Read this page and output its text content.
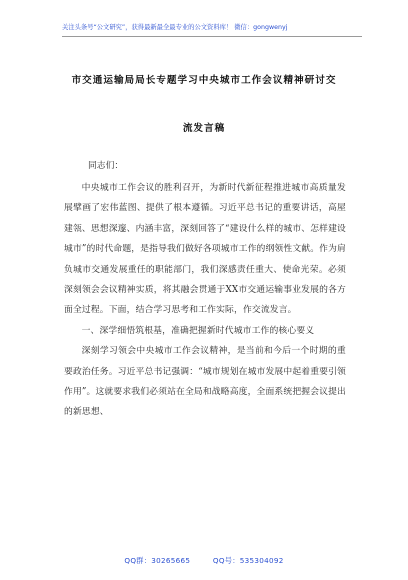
关注头条号“公文研究”，获得最新最全最专业的公文资料库！ 微信：gongwenyj
市交通运输局局长专题学习中央城市工作会议精神研讨交
流发言稿
同志们：

中央城市工作会议的胜利召开，为新时代新征程推进城市高质量发展擘画了宏伟蓝图、提供了根本遵循。习近平总书记的重要讲话，高屋建瓴、思想深邃、内涵丰富，深刻回答了“建设什么样的城市、怎样建设城市”的时代命题，是指导我们做好各项城市工作的纲领性文献。作为肩负城市交通发展重任的职能部门，我们深感责任重大、使命光荣。必须深刻领会会议精神实质，将其融会贯通于XX市交通运输事业发展的各方面全过程。下面，结合学习思考和工作实际，作交流发言。

一、深学细悟筑根基，准确把握新时代城市工作的核心要义

深刻学习领会中央城市工作会议精神，是当前和今后一个时期的重要政治任务。习近平总书记强调：“城市规划在城市发展中起着重要引领作用”。这就要求我们必须站在全局和战略高度，全面系统把握会议提出的新思想、

QQ群：30265665	QQ号：535304092
